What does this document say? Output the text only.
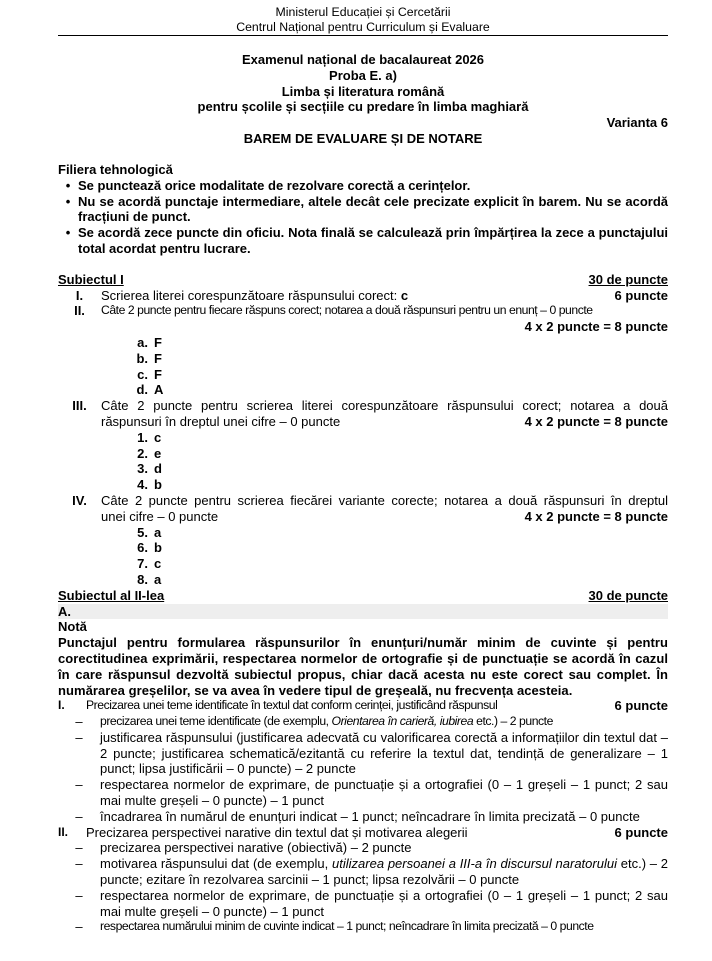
Ministerul Educației și Cercetării
Centrul Național pentru Curriculum și Evaluare
Examenul național de bacalaureat 2026
Proba E. a)
Limba și literatura română
pentru școlile și secțiile cu predare în limba maghiară
Varianta 6
BAREM DE EVALUARE ȘI DE NOTARE
Filiera tehnologică
• Se punctează orice modalitate de rezolvare corectă a cerințelor.
• Nu se acordă punctaje intermediare, altele decât cele precizate explicit în barem. Nu se acordă fracțiuni de punct.
• Se acordă zece puncte din oficiu. Nota finală se calculează prin împărțirea la zece a punctajului total acordat pentru lucrare.
Subiectul I	30 de puncte
I.	Scrierea literei corespunzătoare răspunsului corect: c	6 puncte
II.	Câte 2 puncte pentru fiecare răspuns corect; notarea a două răspunsuri pentru un enunț – 0 puncte
4 x 2 puncte = 8 puncte
a. F
b. F
c. F
d. A
III.	Câte 2 puncte pentru scrierea literei corespunzătoare răspunsului corect; notarea a două
răspunsuri în dreptul unei cifre – 0 puncte	4 x 2 puncte = 8 puncte
1. c
2. e
3. d
4. b
IV.	Câte 2 puncte pentru scrierea fiecărei variante corecte; notarea a două răspunsuri în dreptul
unei cifre – 0 puncte	4 x 2 puncte = 8 puncte
5. a
6. b
7. c
8. a
Subiectul al II-lea	30 de puncte
A.
Notă
Punctajul pentru formularea răspunsurilor în enunțuri/număr minim de cuvinte și pentru corectitudinea exprimării, respectarea normelor de ortografie și de punctuație se acordă în cazul în care răspunsul dezvoltă subiectul propus, chiar dacă acesta nu este corect sau complet. În numărarea greșelilor, se va avea în vedere tipul de greșeală, nu frecvența acesteia.
I.	Precizarea unei teme identificate în textul dat conform cerinței, justificând răspunsul	6 puncte
–	precizarea unei teme identificate (de exemplu, Orientarea în carieră, iubirea etc.) – 2 puncte
–	justificarea răspunsului (justificarea adecvată cu valorificarea corectă a informațiilor din textul dat – 2 puncte; justificarea schematică/ezitantă cu referire la textul dat, tendință de generalizare – 1 punct; lipsa justificării – 0 puncte) – 2 puncte
–	respectarea normelor de exprimare, de punctuație și a ortografiei (0 – 1 greșeli – 1 punct; 2 sau mai multe greșeli – 0 puncte) – 1 punct
–	încadrarea în numărul de enunțuri indicat – 1 punct; neîncadrare în limita precizată – 0 puncte
II.	Precizarea perspectivei narative din textul dat și motivarea alegerii	6 puncte
–	precizarea perspectivei narative (obiectivă) – 2 puncte
–	motivarea răspunsului dat (de exemplu, utilizarea persoanei a III-a în discursul naratorului etc.) – 2 puncte; ezitare în rezolvarea sarcinii – 1 punct; lipsa rezolvării – 0 puncte
–	respectarea normelor de exprimare, de punctuație și a ortografiei (0 – 1 greșeli – 1 punct; 2 sau mai multe greșeli – 0 puncte) – 1 punct
–	respectarea numărului minim de cuvinte indicat – 1 punct; neîncadrare în limita precizată – 0 puncte
